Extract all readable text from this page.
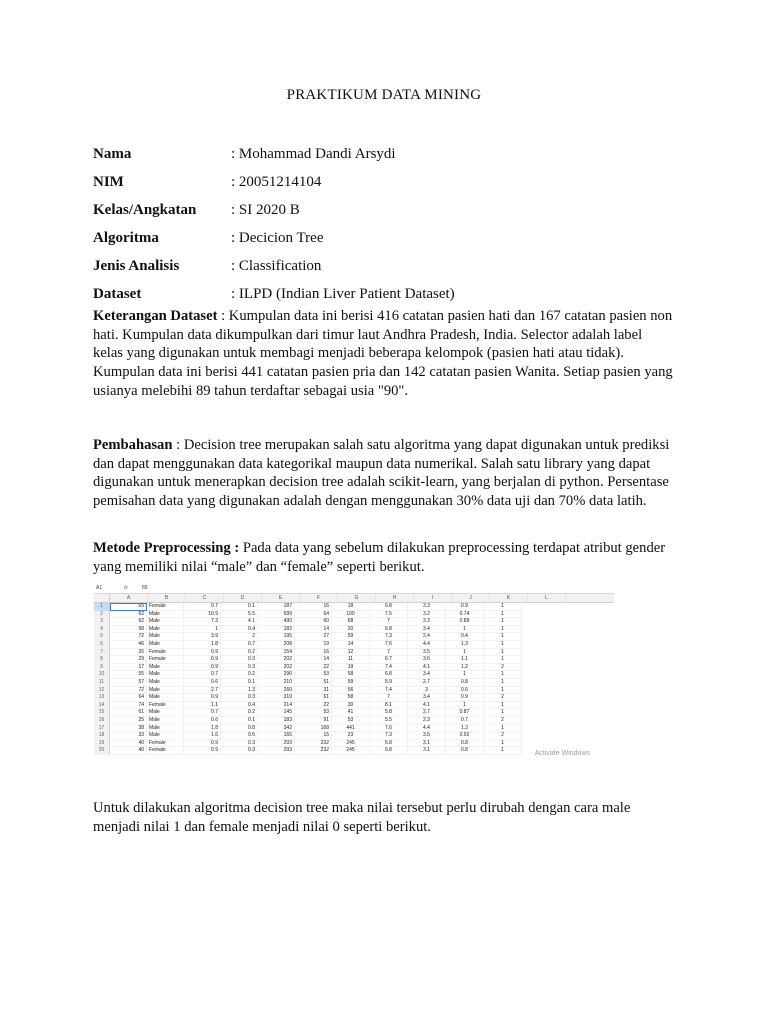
PRAKTIKUM DATA MINING
Nama	: Mohammad Dandi Arsydi
NIM	: 20051214104
Kelas/Angkatan	: SI 2020 B
Algoritma	: Decicion Tree
Jenis Analisis	: Classification
Dataset	: ILPD (Indian Liver Patient Dataset)
Keterangan Dataset : Kumpulan data ini berisi 416 catatan pasien hati dan 167 catatan pasien non hati. Kumpulan data dikumpulkan dari timur laut Andhra Pradesh, India. Selector adalah label kelas yang digunakan untuk membagi menjadi beberapa kelompok (pasien hati atau tidak). Kumpulan data ini berisi 441 catatan pasien pria dan 142 catatan pasien Wanita. Setiap pasien yang usianya melebihi 89 tahun terdaftar sebagai usia "90".
Pembahasan : Decision tree merupakan salah satu algoritma yang dapat digunakan untuk prediksi dan dapat menggunakan data kategorikal maupun data numerikal. Salah satu library yang dapat digunakan untuk menerapkan decision tree adalah scikit-learn, yang berjalan di python. Persentase pemisahan data yang digunakan adalah dengan menggunakan 30% data uji dan 70% data latih.
Metode Preprocessing : Pada data yang sebelum dilakukan preprocessing terdapat atribut gender yang memiliki nilai “male” dan “female” seperti berikut.
A1	fx	65
A	B	C	D	E	F	G	H	I	J	K	L
1	65	Female	0.7	0.1	187	16	18	6.8	3.3	0.9	1
2	62	Male	10.9	5.5	699	64	100	7.5	3.2	0.74	1
3	62	Male	7.3	4.1	490	60	68	7	3.3	0.89	1
4	58	Male	1	0.4	182	14	20	6.8	3.4	1	1
5	72	Male	3.9	2	195	27	59	7.3	2.4	0.4	1
6	46	Male	1.8	0.7	208	19	14	7.6	4.4	1.3	1
7	26	Female	0.9	0.2	154	16	12	7	3.5	1	1
8	29	Female	0.9	0.3	202	14	11	6.7	3.6	1.1	1
9	17	Male	0.9	0.3	202	22	19	7.4	4.1	1.2	2
10	55	Male	0.7	0.2	290	53	58	6.8	3.4	1	1
11	57	Male	0.6	0.1	210	51	59	5.9	2.7	0.8	1
12	72	Male	2.7	1.3	260	31	56	7.4	3	0.6	1
13	64	Male	0.9	0.3	310	61	58	7	3.4	0.9	2
14	74	Female	1.1	0.4	214	22	30	8.1	4.1	1	1
15	61	Male	0.7	0.2	145	53	41	5.8	2.7	0.87	1
16	25	Male	0.6	0.1	183	91	53	5.5	2.3	0.7	2
17	38	Male	1.8	0.8	342	168	441	7.6	4.4	1.3	1
18	33	Male	1.6	0.5	165	15	23	7.3	3.5	0.92	2
19	40	Female	0.9	0.3	293	232	245	6.8	3.1	0.8	1
20	40	Female	0.9	0.3	293	232	245	6.8	3.1	0.8	1	Activate Windows
Untuk dilakukan algoritma decision tree maka nilai tersebut perlu dirubah dengan cara male menjadi nilai 1 dan female menjadi nilai 0 seperti berikut.
